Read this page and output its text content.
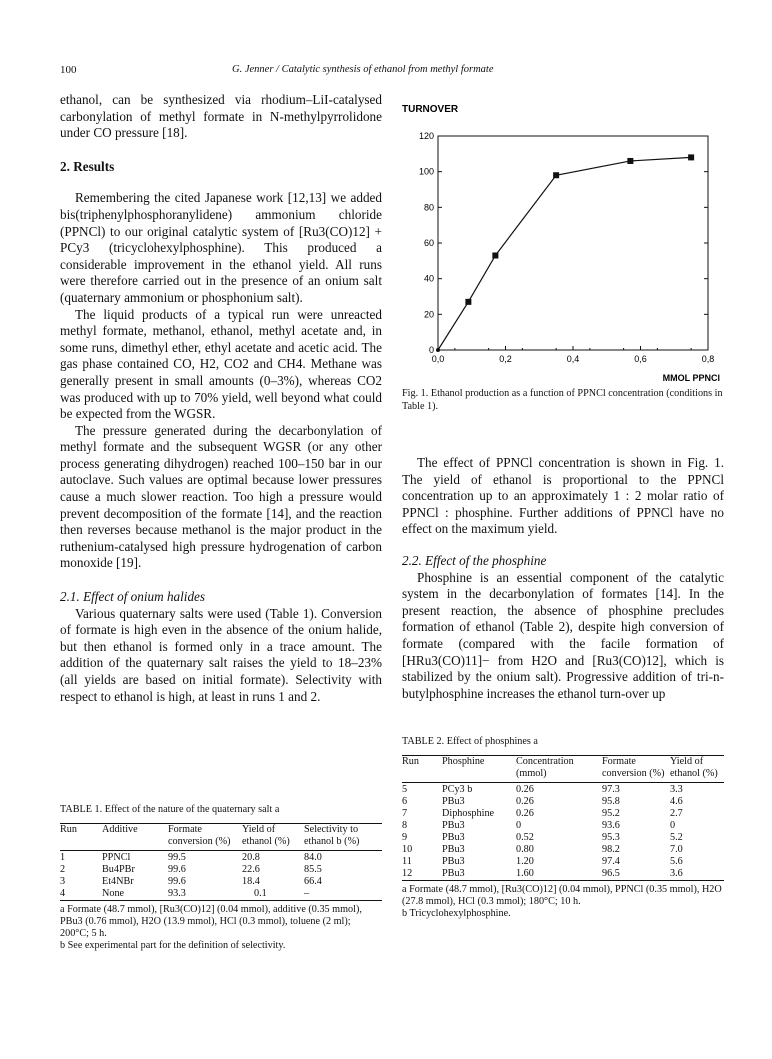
100	G. Jenner / Catalytic synthesis of ethanol from methyl formate

ethanol, can be synthesized via rhodium–LiI-catalysed carbonylation of methyl formate in N-methylpyrrolidone under CO pressure [18].

2. Results

Remembering the cited Japanese work [12,13] we added bis(triphenylphosphoranylidene) ammonium chloride (PPNCl) to our original catalytic system of [Ru3(CO)12] + PCy3 (tricyclohexylphosphine). This produced a considerable improvement in the ethanol yield. All runs were therefore carried out in the presence of an onium salt (quaternary ammonium or phosphonium salt).

The liquid products of a typical run were unreacted methyl formate, methanol, ethanol, methyl acetate and, in some runs, dimethyl ether, ethyl acetate and acetic acid. The gas phase contained CO, H2, CO2 and CH4. Methane was generally present in small amounts (0–3%), whereas CO2 was produced with up to 70% yield, well beyond what could be expected from the WGSR.

The pressure generated during the decarbonylation of methyl formate and the subsequent WGSR (or any other process generating dihydrogen) reached 100–150 bar in our autoclave. Such values are optimal because lower pressures cause a much slower reaction. Too high a pressure would prevent decomposition of the formate [14], and the reaction then reverses because methanol is the major product in the ruthenium-catalysed high pressure hydrogenation of carbon monoxide [19].

2.1. Effect of onium halides

Various quaternary salts were used (Table 1). Conversion of formate is high even in the absence of the onium halide, but then ethanol is formed only in a trace amount. The addition of the quaternary salt raises the yield to 18–23% (all yields are based on initial formate). Selectivity with respect to ethanol is high, at least in runs 1 and 2.

TABLE 1. Effect of the nature of the quaternary salt a
Run	Additive	Formate conversion (%)	Yield of ethanol (%)	Selectivity to ethanol b (%)

1	PPNCl	99.5	20.8	84.0
2	Bu4PBr	99.6	22.6	85.5
3	Et4NBr	99.6	18.4	66.4
4	None	93.3	0.1	–
a Formate (48.7 mmol), [Ru3(CO)12] (0.04 mmol), additive (0.35 mmol), PBu3 (0.76 mmol), H2O (13.9 mmol), HCl (0.3 mmol), toluene (2 ml); 200°C; 5 h.
b See experimental part for the definition of selectivity.
TURNOVER
MMOL PPNCl
0
20
40
60
80
100
120
0,0	0,2	0,4	0,6	0,8
Fig. 1. Ethanol production as a function of PPNCl concentration (conditions in Table 1).

The effect of PPNCl concentration is shown in Fig. 1. The yield of ethanol is proportional to the PPNCl concentration up to an approximately 1 : 2 molar ratio of PPNCl : phosphine. Further additions of PPNCl have no effect on the maximum yield.

2.2. Effect of the phosphine

Phosphine is an essential component of the catalytic system in the decarbonylation of formates [14]. In the present reaction, the absence of phosphine precludes formation of ethanol (Table 2), despite high conversion of formate (compared with the facile formation of [HRu3(CO)11]− from H2O and [Ru3(CO)12], which is stabilized by the onium salt). Progressive addition of tri-n-butylphosphine increases the ethanol turn-over up

TABLE 2. Effect of phosphines a
Run	Phosphine	Concentration (mmol)	Formate conversion (%)	Yield of ethanol (%)

5	PCy3 b	0.26	97.3	3.3
6	PBu3	0.26	95.8	4.6
7	Diphosphine	0.26	95.2	2.7
8	PBu3	0	93.6	0
9	PBu3	0.52	95.3	5.2
10	PBu3	0.80	98.2	7.0
11	PBu3	1.20	97.4	5.6
12	PBu3	1.60	96.5	3.6
a Formate (48.7 mmol), [Ru3(CO)12] (0.04 mmol), PPNCl (0.35 mmol), H2O (27.8 mmol), HCl (0.3 mmol); 180°C; 10 h.
b Tricyclohexylphosphine.
